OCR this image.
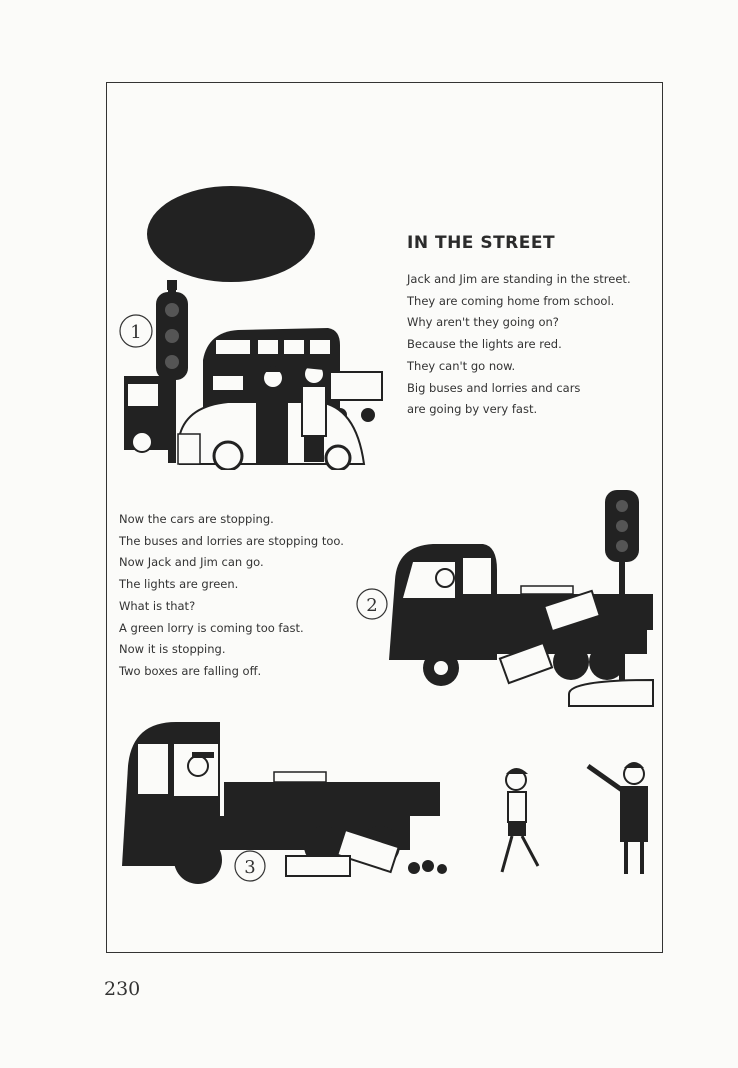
IN THE STREET
Jack and Jim are standing in the street.
They are coming home from school.
Why aren't they going on?
Because the lights are red.
They can't go now.
Big buses and lorries and cars
are going by very fast.
Now the cars are stopping.
The buses and lorries are stopping too.
Now Jack and Jim can go.
The lights are green.
What is that?
A green lorry is coming too fast.
Now it is stopping.
Two boxes are falling off.
1
2
3
230
